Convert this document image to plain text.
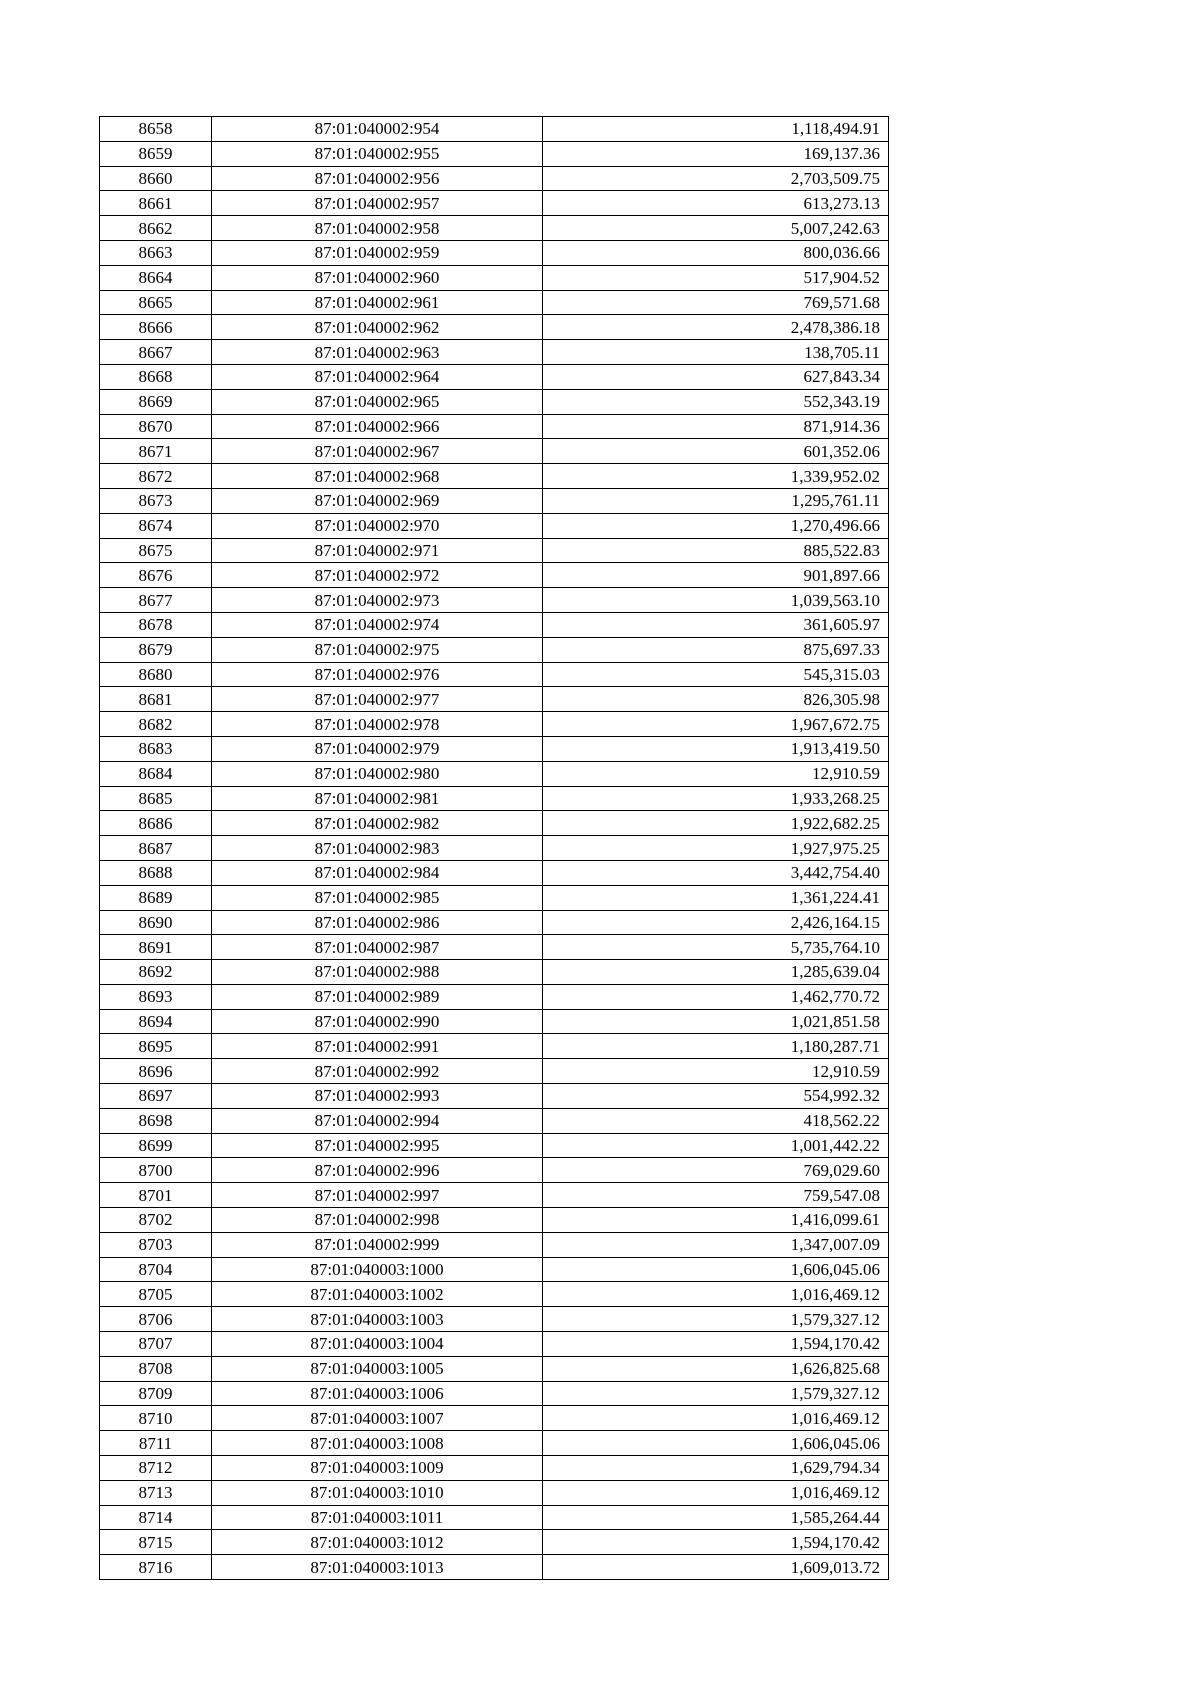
8658	87:01:040002:954	1,118,494.91
8659	87:01:040002:955	169,137.36
8660	87:01:040002:956	2,703,509.75
8661	87:01:040002:957	613,273.13
8662	87:01:040002:958	5,007,242.63
8663	87:01:040002:959	800,036.66
8664	87:01:040002:960	517,904.52
8665	87:01:040002:961	769,571.68
8666	87:01:040002:962	2,478,386.18
8667	87:01:040002:963	138,705.11
8668	87:01:040002:964	627,843.34
8669	87:01:040002:965	552,343.19
8670	87:01:040002:966	871,914.36
8671	87:01:040002:967	601,352.06
8672	87:01:040002:968	1,339,952.02
8673	87:01:040002:969	1,295,761.11
8674	87:01:040002:970	1,270,496.66
8675	87:01:040002:971	885,522.83
8676	87:01:040002:972	901,897.66
8677	87:01:040002:973	1,039,563.10
8678	87:01:040002:974	361,605.97
8679	87:01:040002:975	875,697.33
8680	87:01:040002:976	545,315.03
8681	87:01:040002:977	826,305.98
8682	87:01:040002:978	1,967,672.75
8683	87:01:040002:979	1,913,419.50
8684	87:01:040002:980	12,910.59
8685	87:01:040002:981	1,933,268.25
8686	87:01:040002:982	1,922,682.25
8687	87:01:040002:983	1,927,975.25
8688	87:01:040002:984	3,442,754.40
8689	87:01:040002:985	1,361,224.41
8690	87:01:040002:986	2,426,164.15
8691	87:01:040002:987	5,735,764.10
8692	87:01:040002:988	1,285,639.04
8693	87:01:040002:989	1,462,770.72
8694	87:01:040002:990	1,021,851.58
8695	87:01:040002:991	1,180,287.71
8696	87:01:040002:992	12,910.59
8697	87:01:040002:993	554,992.32
8698	87:01:040002:994	418,562.22
8699	87:01:040002:995	1,001,442.22
8700	87:01:040002:996	769,029.60
8701	87:01:040002:997	759,547.08
8702	87:01:040002:998	1,416,099.61
8703	87:01:040002:999	1,347,007.09
8704	87:01:040003:1000	1,606,045.06
8705	87:01:040003:1002	1,016,469.12
8706	87:01:040003:1003	1,579,327.12
8707	87:01:040003:1004	1,594,170.42
8708	87:01:040003:1005	1,626,825.68
8709	87:01:040003:1006	1,579,327.12
8710	87:01:040003:1007	1,016,469.12
8711	87:01:040003:1008	1,606,045.06
8712	87:01:040003:1009	1,629,794.34
8713	87:01:040003:1010	1,016,469.12
8714	87:01:040003:1011	1,585,264.44
8715	87:01:040003:1012	1,594,170.42
8716	87:01:040003:1013	1,609,013.72
